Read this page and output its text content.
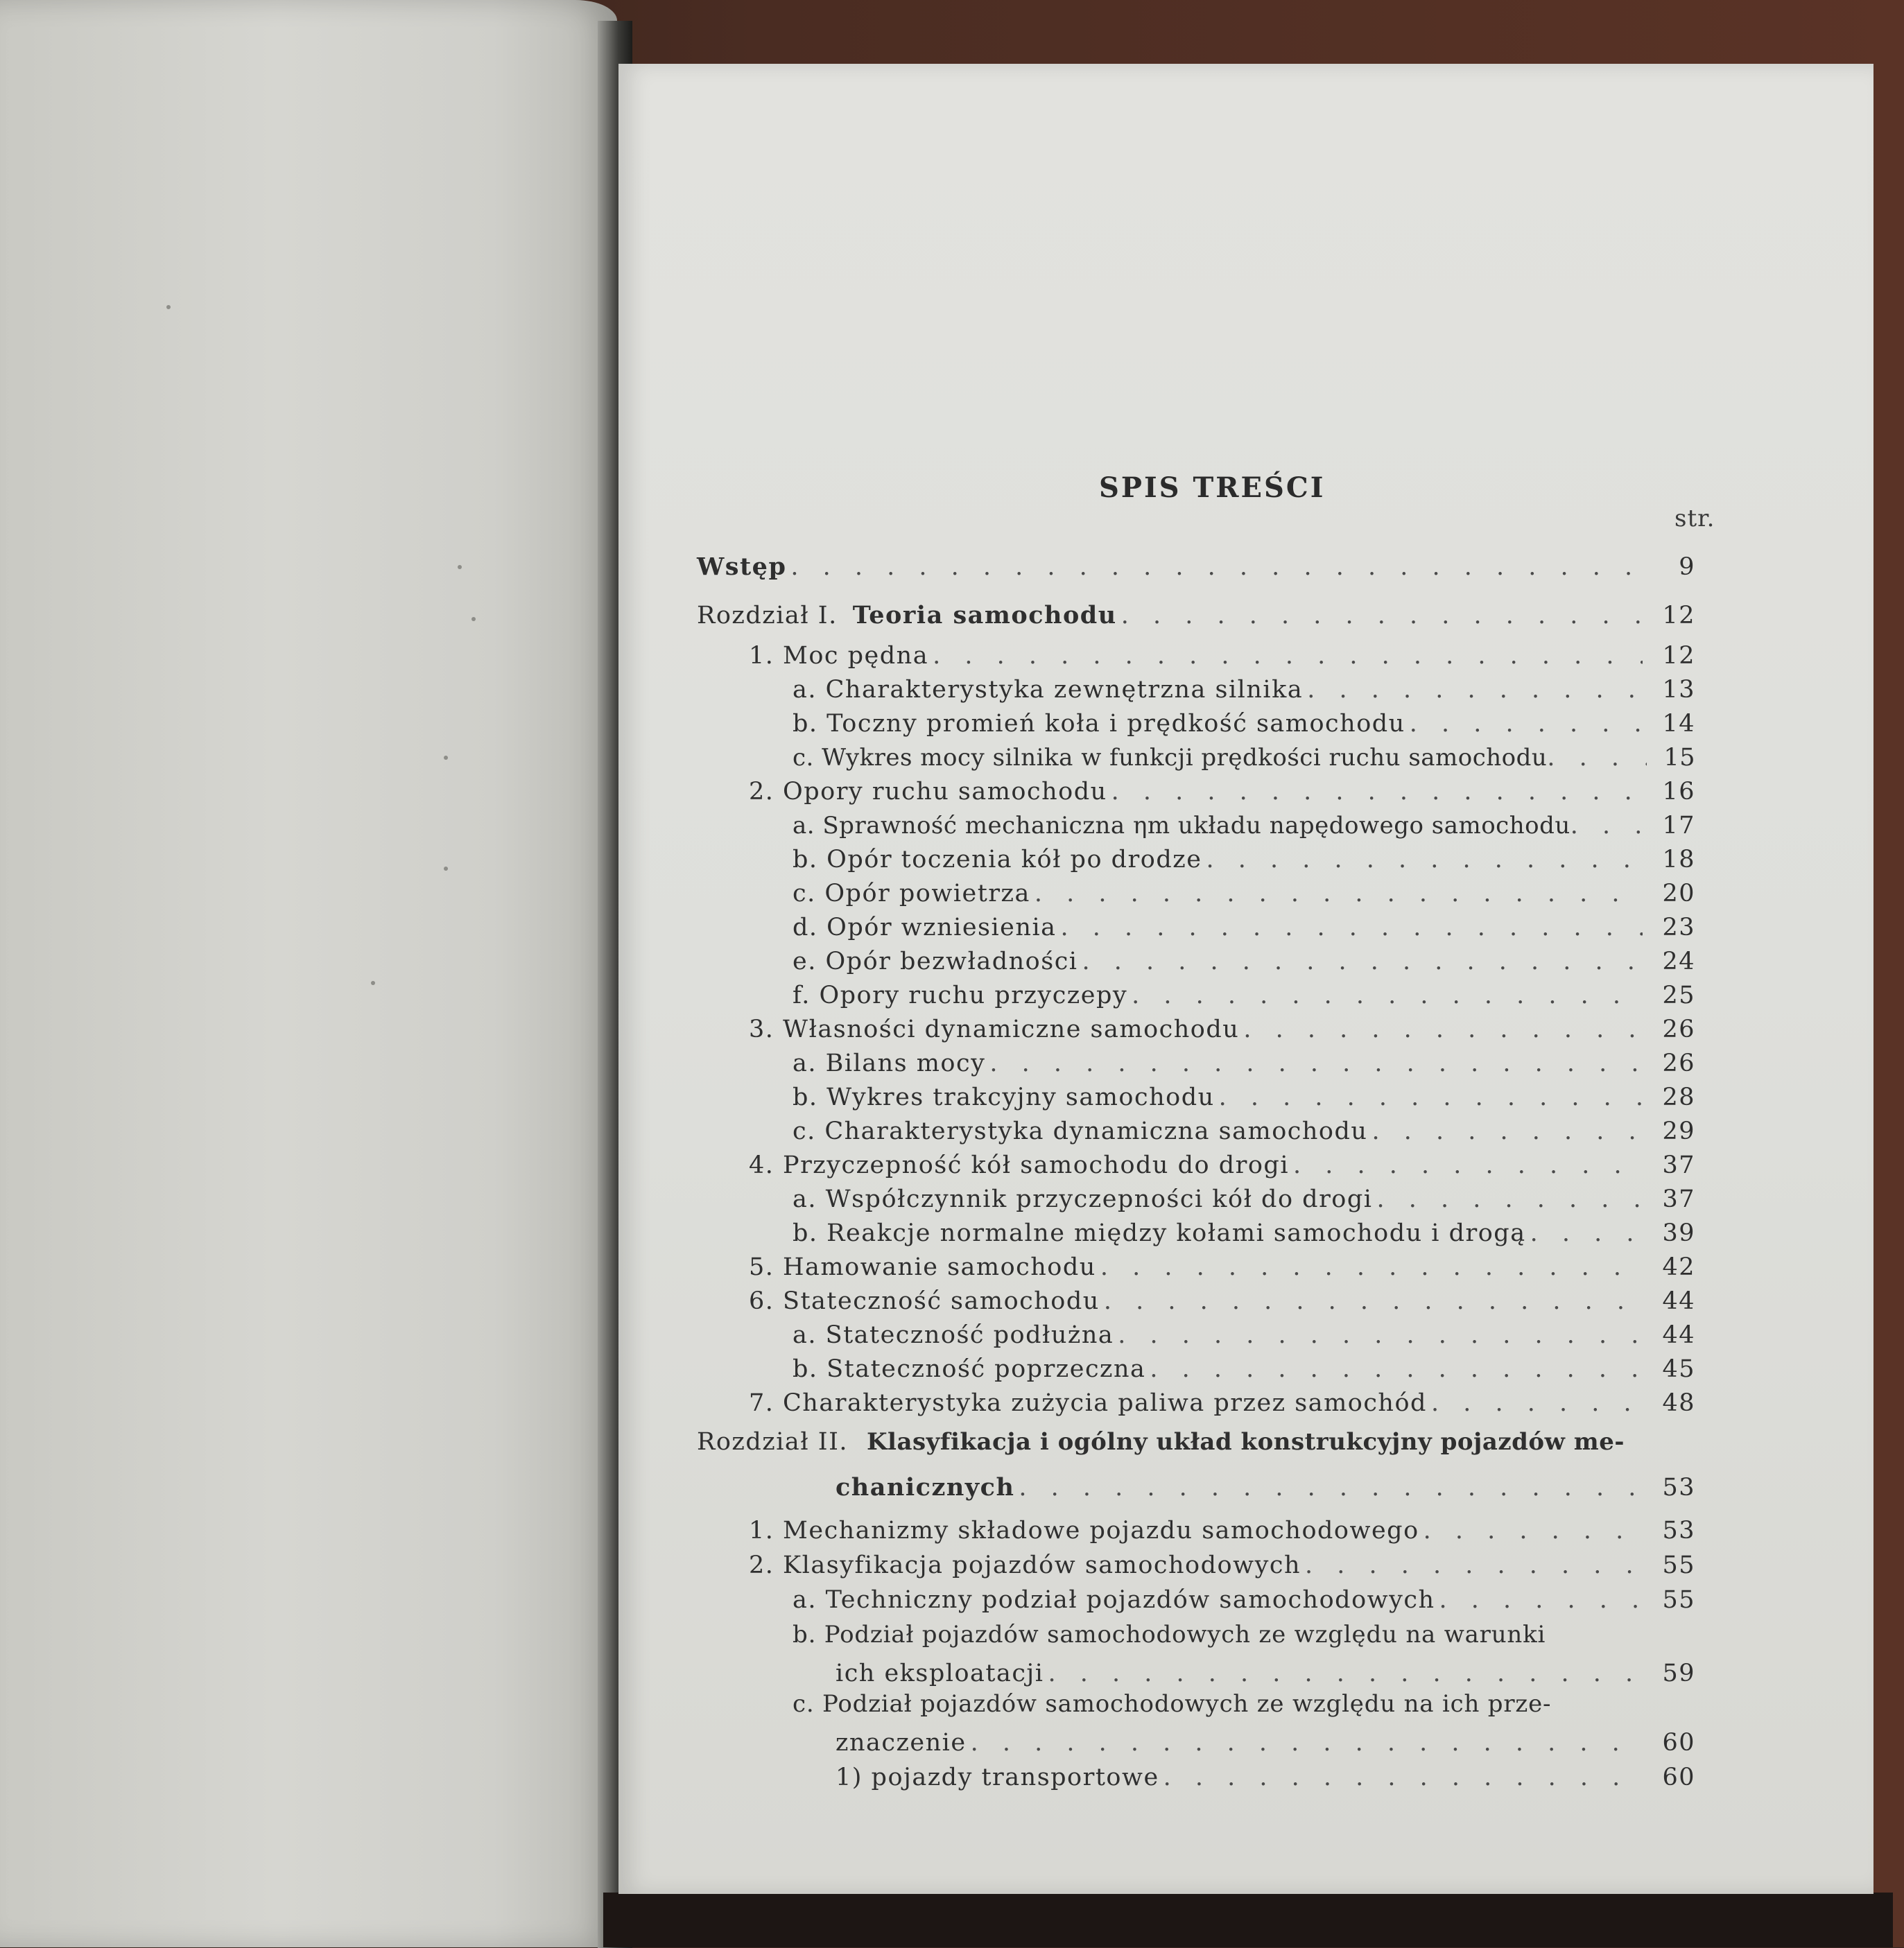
SPIS TREŚCI
str.
Wstęp . . .	9
Rozdział I. Teoria samochodu . . .	12
1. Moc pędna . . .	12
a. Charakterystyka zewnętrzna silnika . . .	13
b. Toczny promień koła i prędkość samochodu . . .	14
c. Wykres mocy silnika w funkcji prędkości ruchu samochodu . . .	15
2. Opory ruchu samochodu . . .	16
a. Sprawność mechaniczna ηm układu napędowego samochodu . . .	17
b. Opór toczenia kół po drodze . . .	18
c. Opór powietrza . . .	20
d. Opór wzniesienia . . .	23
e. Opór bezwładności . . .	24
f. Opory ruchu przyczepy . . .	25
3. Własności dynamiczne samochodu . . .	26
a. Bilans mocy . . .	26
b. Wykres trakcyjny samochodu . . .	28
c. Charakterystyka dynamiczna samochodu . . .	29
4. Przyczepność kół samochodu do drogi . . .	37
a. Współczynnik przyczepności kół do drogi . . .	37
b. Reakcje normalne między kołami samochodu i drogą . . .	39
5. Hamowanie samochodu . . .	42
6. Stateczność samochodu . . .	44
a. Stateczność podłużna . . .	44
b. Stateczność poprzeczna . . .	45
7. Charakterystyka zużycia paliwa przez samochód . . .	48
Rozdział II. Klasyfikacja i ogólny układ konstrukcyjny pojazdów me-
chanicznych . . .	53
1. Mechanizmy składowe pojazdu samochodowego . . .	53
2. Klasyfikacja pojazdów samochodowych . . .	55
a. Techniczny podział pojazdów samochodowych . . .	55
b. Podział pojazdów samochodowych ze względu na warunki
ich eksploatacji . . .	59
c. Podział pojazdów samochodowych ze względu na ich prze-
znaczenie . . .	60
1) pojazdy transportowe . . .	60
